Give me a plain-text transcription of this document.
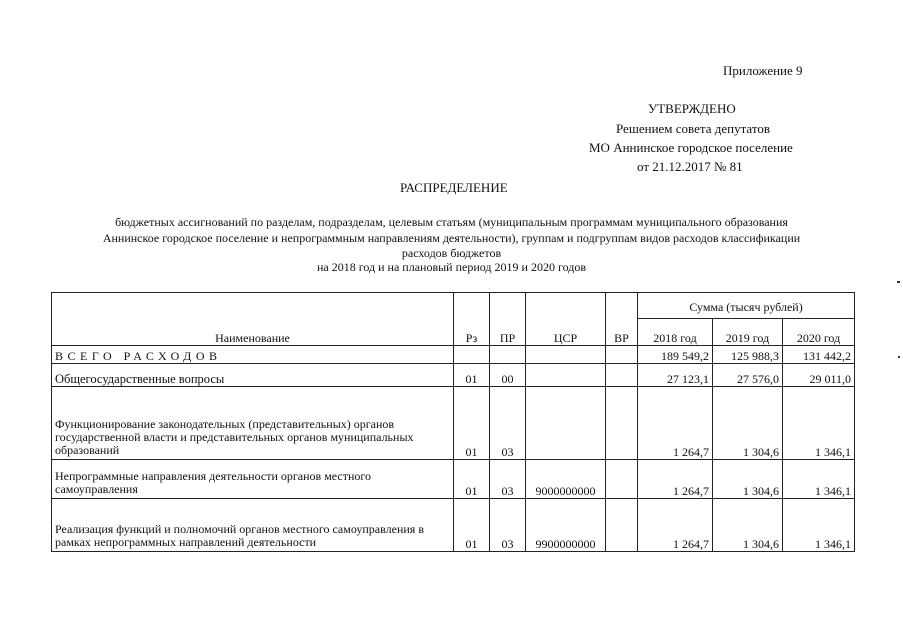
Приложение 9
УТВЕРЖДЕНО
Решением совета депутатов
МО Аннинское городское поселение
от 21.12.2017 № 81
РАСПРЕДЕЛЕНИЕ
бюджетных ассигнований по разделам, подразделам, целевым статьям (муниципальным программам муниципального образования
Аннинское городское поселение и непрограммным направлениям деятельности), группам и подгруппам видов расходов классификации
расходов бюджетов
на 2018 год и на плановый период 2019 и 2020 годов
Наименование	Рз	ПР	ЦСР	ВР	Сумма (тысяч рублей)		
					2018 год	2019 год	2020 год
ВСЕГО РАСХОДОВ					189 549,2	125 988,3	131 442,2
Общегосударственные вопросы	01	00			27 123,1	27 576,0	29 011,0
Функционирование законодательных (представительных) органов государственной власти и представительных органов муниципальных образований	01	03			1 264,7	1 304,6	1 346,1
Непрограммные направления деятельности органов местного самоуправления	01	03	9000000000		1 264,7	1 304,6	1 346,1
Реализация функций и полномочий органов местного самоуправления в рамках непрограммных направлений деятельности	01	03	9900000000		1 264,7	1 304,6	1 346,1
